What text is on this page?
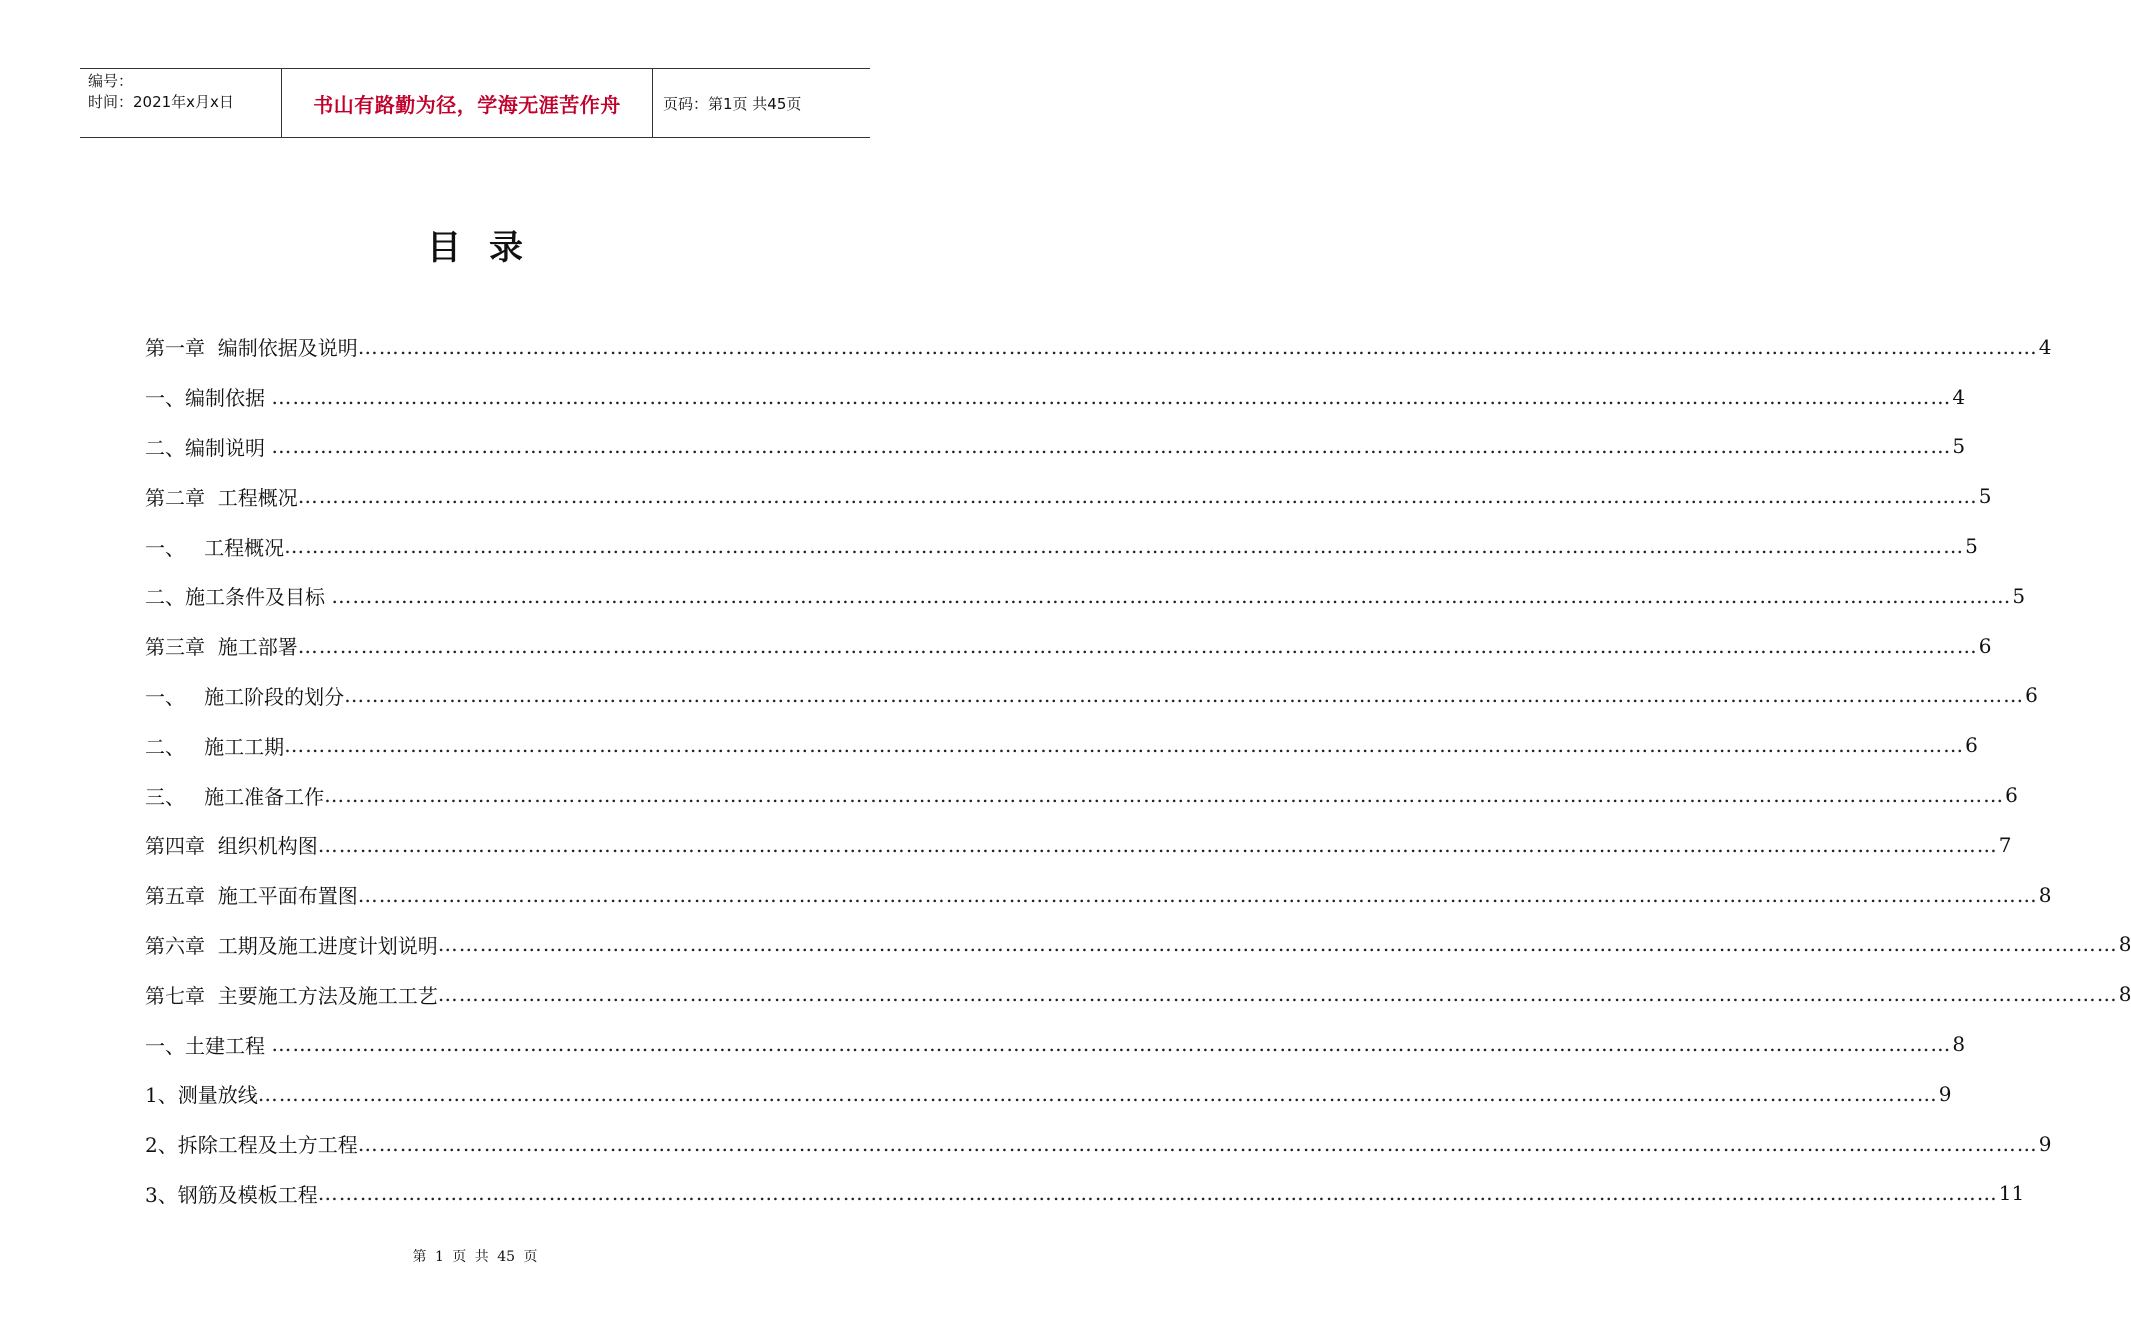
编号：
时间：2021年x月x日	书山有路勤为径，学海无涯苦作舟	页码：第1页 共45页
目录
第一章  编制依据及说明 …………………………………………………………………………………………………………………………………………………………………………………………………………………… 4
一、编制依据 …………………………………………………………………………………………………………………………………………………………………………………………………………………… 4
二、编制说明 …………………………………………………………………………………………………………………………………………………………………………………………………………………… 5
第二章  工程概况 …………………………………………………………………………………………………………………………………………………………………………………………………………………… 5
一、   工程概况 …………………………………………………………………………………………………………………………………………………………………………………………………………………… 5
二、施工条件及目标 …………………………………………………………………………………………………………………………………………………………………………………………………………………… 5
第三章  施工部署 …………………………………………………………………………………………………………………………………………………………………………………………………………………… 6
一、   施工阶段的划分 …………………………………………………………………………………………………………………………………………………………………………………………………………………… 6
二、   施工工期 …………………………………………………………………………………………………………………………………………………………………………………………………………………… 6
三、   施工准备工作 …………………………………………………………………………………………………………………………………………………………………………………………………………………… 6
第四章  组织机构图 …………………………………………………………………………………………………………………………………………………………………………………………………………………… 7
第五章  施工平面布置图 …………………………………………………………………………………………………………………………………………………………………………………………………………………… 8
第六章  工期及施工进度计划说明 …………………………………………………………………………………………………………………………………………………………………………………………………………………… 8
第七章  主要施工方法及施工工艺 …………………………………………………………………………………………………………………………………………………………………………………………………………………… 8
一、土建工程 …………………………………………………………………………………………………………………………………………………………………………………………………………………… 8
1、测量放线 …………………………………………………………………………………………………………………………………………………………………………………………………………………… 9
2、拆除工程及土方工程 …………………………………………………………………………………………………………………………………………………………………………………………………………………… 9
3、钢筋及模板工程 …………………………………………………………………………………………………………………………………………………………………………………………………………………… 11
第 1 页 共 45 页
